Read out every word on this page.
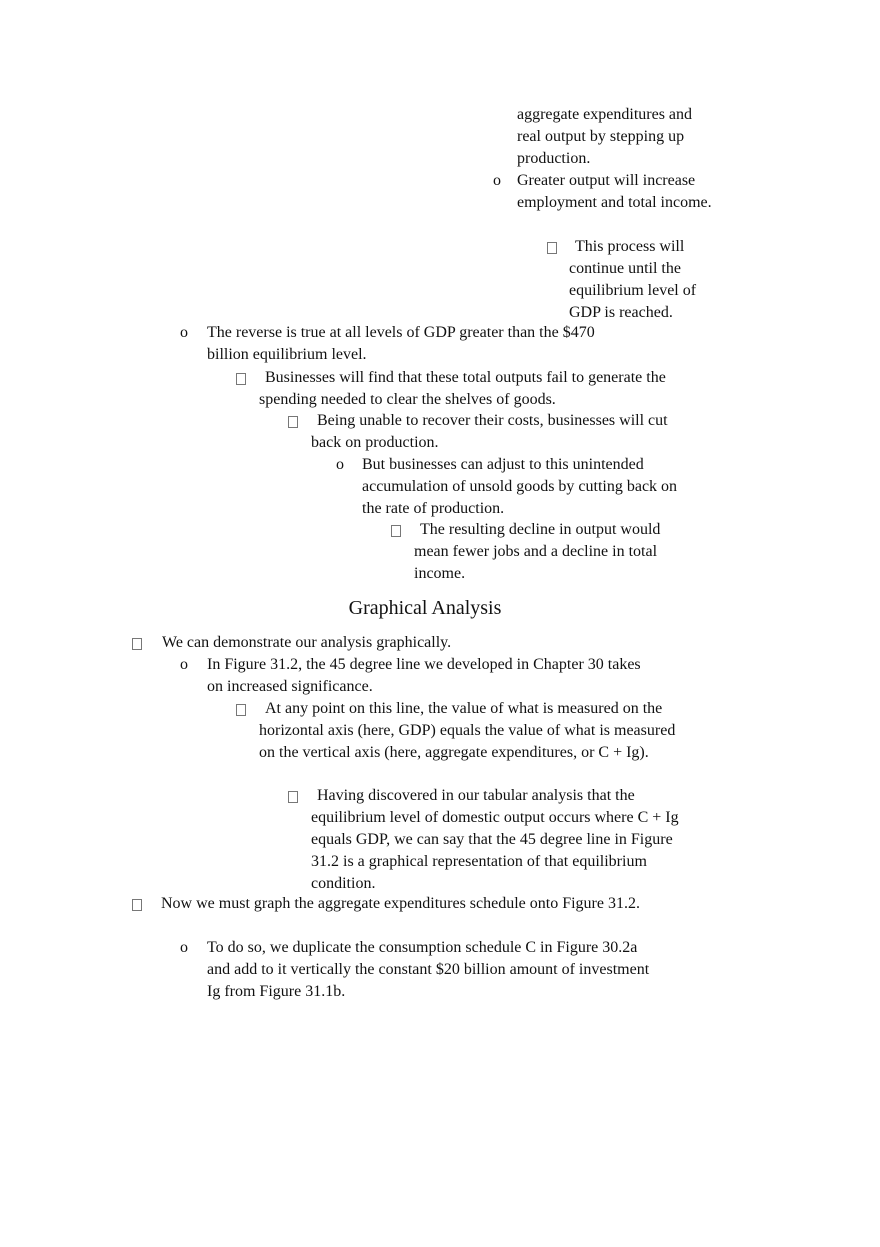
aggregate expenditures and real output by stepping up production.
o Greater output will increase employment and total income.
This process will continue until the equilibrium level of GDP is reached.
o The reverse is true at all levels of GDP greater than the $470 billion equilibrium level.
Businesses will find that these total outputs fail to generate the spending needed to clear the shelves of goods.
Being unable to recover their costs, businesses will cut back on production.
o But businesses can adjust to this unintended accumulation of unsold goods by cutting back on the rate of production.
The resulting decline in output would mean fewer jobs and a decline in total income.
Graphical Analysis
We can demonstrate our analysis graphically.
o In Figure 31.2, the 45 degree line we developed in Chapter 30 takes on increased significance.
At any point on this line, the value of what is measured on the horizontal axis (here, GDP) equals the value of what is measured on the vertical axis (here, aggregate expenditures, or C + Ig).
Having discovered in our tabular analysis that the equilibrium level of domestic output occurs where C + Ig equals GDP, we can say that the 45 degree line in Figure 31.2 is a graphical representation of that equilibrium condition.
Now we must graph the aggregate expenditures schedule onto Figure 31.2.
o To do so, we duplicate the consumption schedule C in Figure 30.2a and add to it vertically the constant $20 billion amount of investment Ig from Figure 31.1b.
